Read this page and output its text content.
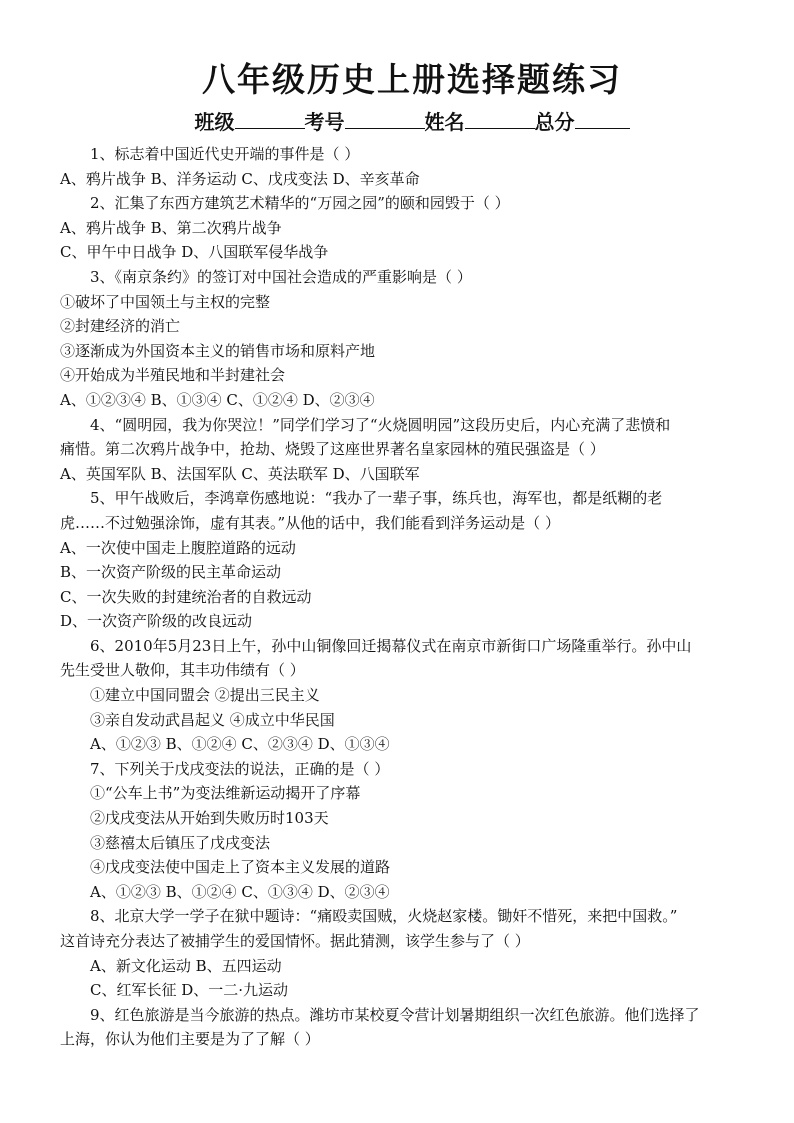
八年级历史上册选择题练习
班级	考号	姓名	总分

1、标志着中国近代史开端的事件是（ ）

A、鸦片战争 B、洋务运动 C、戊戌变法 D、辛亥革命

2、汇集了东西方建筑艺术精华的“万园之园”的颐和园毁于（ ）

A、鸦片战争 B、第二次鸦片战争

C、甲午中日战争 D、八国联军侵华战争

3、《南京条约》的签订对中国社会造成的严重影响是（ ）

①破坏了中国领土与主权的完整

②封建经济的消亡

③逐渐成为外国资本主义的销售市场和原料产地

④开始成为半殖民地和半封建社会

A、①②③④ B、①③④ C、①②④ D、②③④

4、“圆明园，我为你哭泣！”同学们学习了“火烧圆明园”这段历史后，内心充满了悲愤和

痛惜。第二次鸦片战争中，抢劫、烧毁了这座世界著名皇家园林的殖民强盗是（ ）

A、英国军队 B、法国军队 C、英法联军 D、八国联军

5、甲午战败后，李鸿章伤感地说：“我办了一辈子事，练兵也，海军也，都是纸糊的老

虎……不过勉强涂饰，虚有其表。”从他的话中，我们能看到洋务运动是（ ）

A、一次使中国走上腹腔道路的远动

B、一次资产阶级的民主革命运动

C、一次失败的封建统治者的自救远动

D、一次资产阶级的改良远动

6、2010年5月23日上午，孙中山铜像回迁揭幕仪式在南京市新街口广场隆重举行。孙中山

先生受世人敬仰，其丰功伟绩有（ ）

①建立中国同盟会 ②提出三民主义

③亲自发动武昌起义 ④成立中华民国

A、①②③ B、①②④ C、②③④ D、①③④

7、下列关于戊戌变法的说法，正确的是（ ）

①“公车上书”为变法维新运动揭开了序幕

②戊戌变法从开始到失败历时103天

③慈禧太后镇压了戊戌变法

④戊戌变法使中国走上了资本主义发展的道路

A、①②③ B、①②④ C、①③④ D、②③④

8、北京大学一学子在狱中题诗：“痛殴卖国贼，火烧赵家楼。锄奸不惜死，来把中国救。”

这首诗充分表达了被捕学生的爱国情怀。据此猜测，该学生参与了（ ）

A、新文化运动 B、五四运动

C、红军长征 D、一二·九运动

9、红色旅游是当今旅游的热点。潍坊市某校夏令营计划暑期组织一次红色旅游。他们选择了

上海，你认为他们主要是为了了解（ ）
